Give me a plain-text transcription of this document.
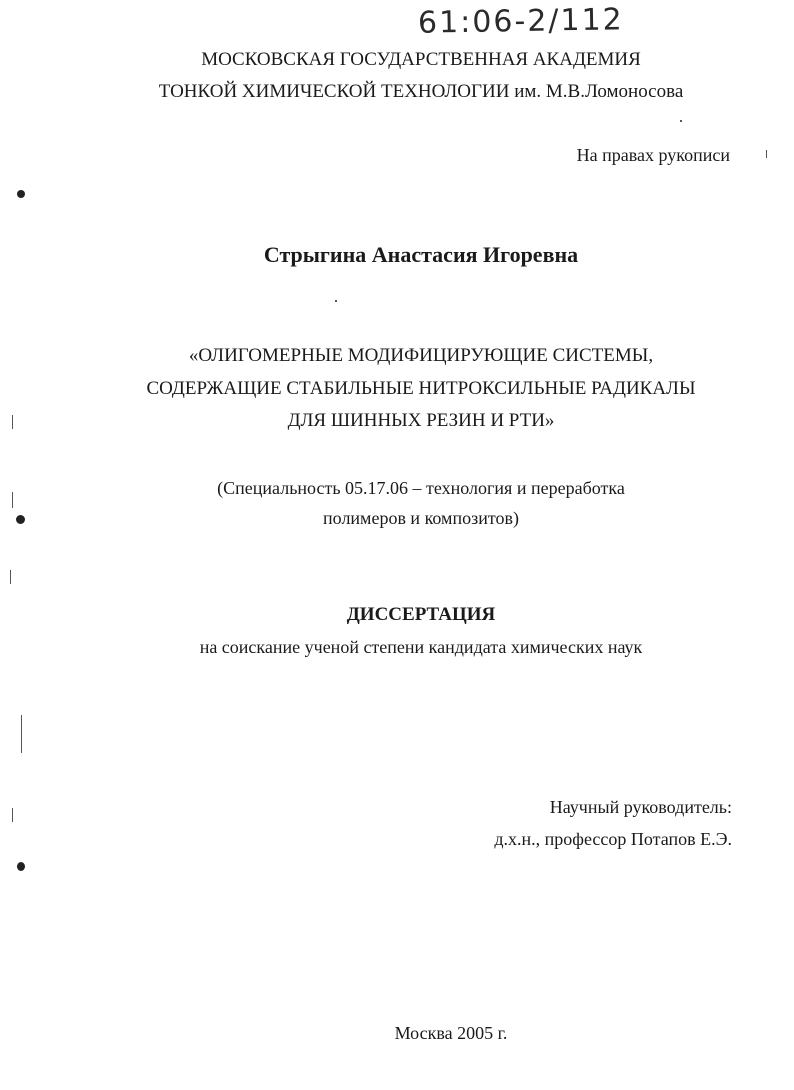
61:06-2/112
МОСКОВСКАЯ ГОСУДАРСТВЕННАЯ АКАДЕМИЯ
ТОНКОЙ ХИМИЧЕСКОЙ ТЕХНОЛОГИИ им. М.В.Ломоносова
На правах рукописи
Стрыгина Анастасия Игоревна
«ОЛИГОМЕРНЫЕ МОДИФИЦИРУЮЩИЕ СИСТЕМЫ,
СОДЕРЖАЩИЕ СТАБИЛЬНЫЕ НИТРОКСИЛЬНЫЕ РАДИКАЛЫ
ДЛЯ ШИННЫХ РЕЗИН И РТИ»
(Специальность 05.17.06 – технология и переработка
полимеров и композитов)
ДИССЕРТАЦИЯ
на соискание ученой степени кандидата химических наук
Научный руководитель:
д.х.н., профессор Потапов Е.Э.
Москва 2005 г.
